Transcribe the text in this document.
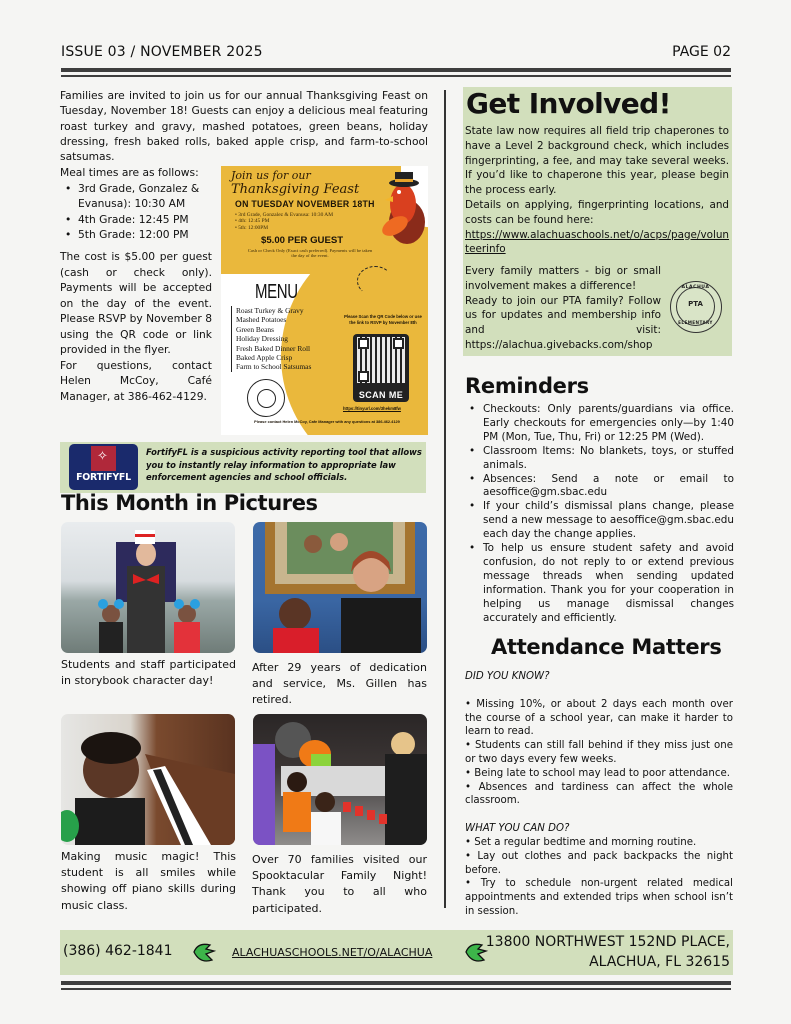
ISSUE 03 / NOVEMBER 2025	PAGE 02

Families are invited to join us for our annual Thanksgiving Feast on Tuesday, November 18! Guests can enjoy a delicious meal featuring roast turkey and gravy, mashed potatoes, green beans, holiday dressing, fresh baked rolls, baked apple crisp, and farm-to-school satsumas.

Meal times are as follows:

• 3rd Grade, Gonzalez & Evanusa): 10:30 AM
• 4th Grade: 12:45 PM
• 5th Grade: 12:00 PM

The cost is $5.00 per guest (cash or check only). Payments will be accepted on the day of the event. Please RSVP by November 8 using the QR code or link provided in the flyer.

For questions, contact Helen McCoy, Café Manager, at 386-462-4129.

Join us for our
Thanksgiving Feast
ON TUESDAY NOVEMBER 18TH
• 3rd Grade, Gonzalez & Evanusa: 10:30 AM
• 4th: 12:45 PM
• 5th: 12:00PM
$5.00 PER GUEST
Cash or Check Only (Exact cash preferred). Payments will be taken the day of the event.
MENU
Roast Turkey & Gravy
Mashed Potatoes
Green Beans
Holiday Dressing
Fresh Baked Dinner Roll
Baked Apple Crisp
Farm to School Satsumas
Please Scan the QR Code below or use the link to RSVP by November 8th
SCAN ME
https://tinyurl.com/3hekm8fw
Please contact Helen McCoy, Cafe Manager with any questions at 386.462.4129
✧
FORTIFYFL

FortifyFL is a suspicious activity reporting tool that allows you to instantly relay information to appropriate law enforcement agencies and school officials.

This Month in Pictures

Students and staff participated in storybook character day!

After 29 years of dedication and service, Ms. Gillen has retired.

Making music magic! This student is all smiles while showing off piano skills during music class.

Over 70 families visited our Spooktacular Family Night! Thank you to all who participated.

Get Involved!

State law now requires all field trip chaperones to have a Level 2 background check, which includes fingerprinting, a fee, and may take several weeks. If you’d like to chaperone this year, please begin the process early.

Details on applying, fingerprinting locations, and costs can be found here:

https://www.alachuaschools.net/o/acps/page/volunteerinfo

Every family matters - big or small involvement makes a difference!

Ready to join our PTA family? Follow us for updates and membership info and visit: https://alachua.givebacks.com/shop

ALACHUA
PTA
ELEMENTARY
Reminders
• Checkouts: Only parents/guardians via office. Early checkouts for emergencies only—by 1:40 PM (Mon, Tue, Thu, Fri) or 12:25 PM (Wed).
• Classroom Items: No blankets, toys, or stuffed animals.
• Absences: Send a note or email to aesoffice@gm.sbac.edu
• If your child’s dismissal plans change, please send a new message to aesoffice@gm.sbac.edu each day the change applies.
• To help us ensure student safety and avoid confusion, do not reply to or extend previous message threads when sending updated information. Thank you for your cooperation in helping us manage dismissal changes accurately and efficiently.
Attendance Matters

DID YOU KNOW?

• Missing 10%, or about 2 days each month over the course of a school year, can make it harder to learn to read.

• Students can still fall behind if they miss just one or two days every few weeks.

• Being late to school may lead to poor attendance.

• Absences and tardiness can affect the whole classroom.

WHAT YOU CAN DO?

• Set a regular bedtime and morning routine.

• Lay out clothes and pack backpacks the night before.

• Try to schedule non-urgent related medical appointments and extended trips when school isn’t in session.

(386) 462-1841	ALACHUASCHOOLS.NET/O/ALACHUA
13800 NORTHWEST 152ND PLACE,
ALACHUA, FL 32615
